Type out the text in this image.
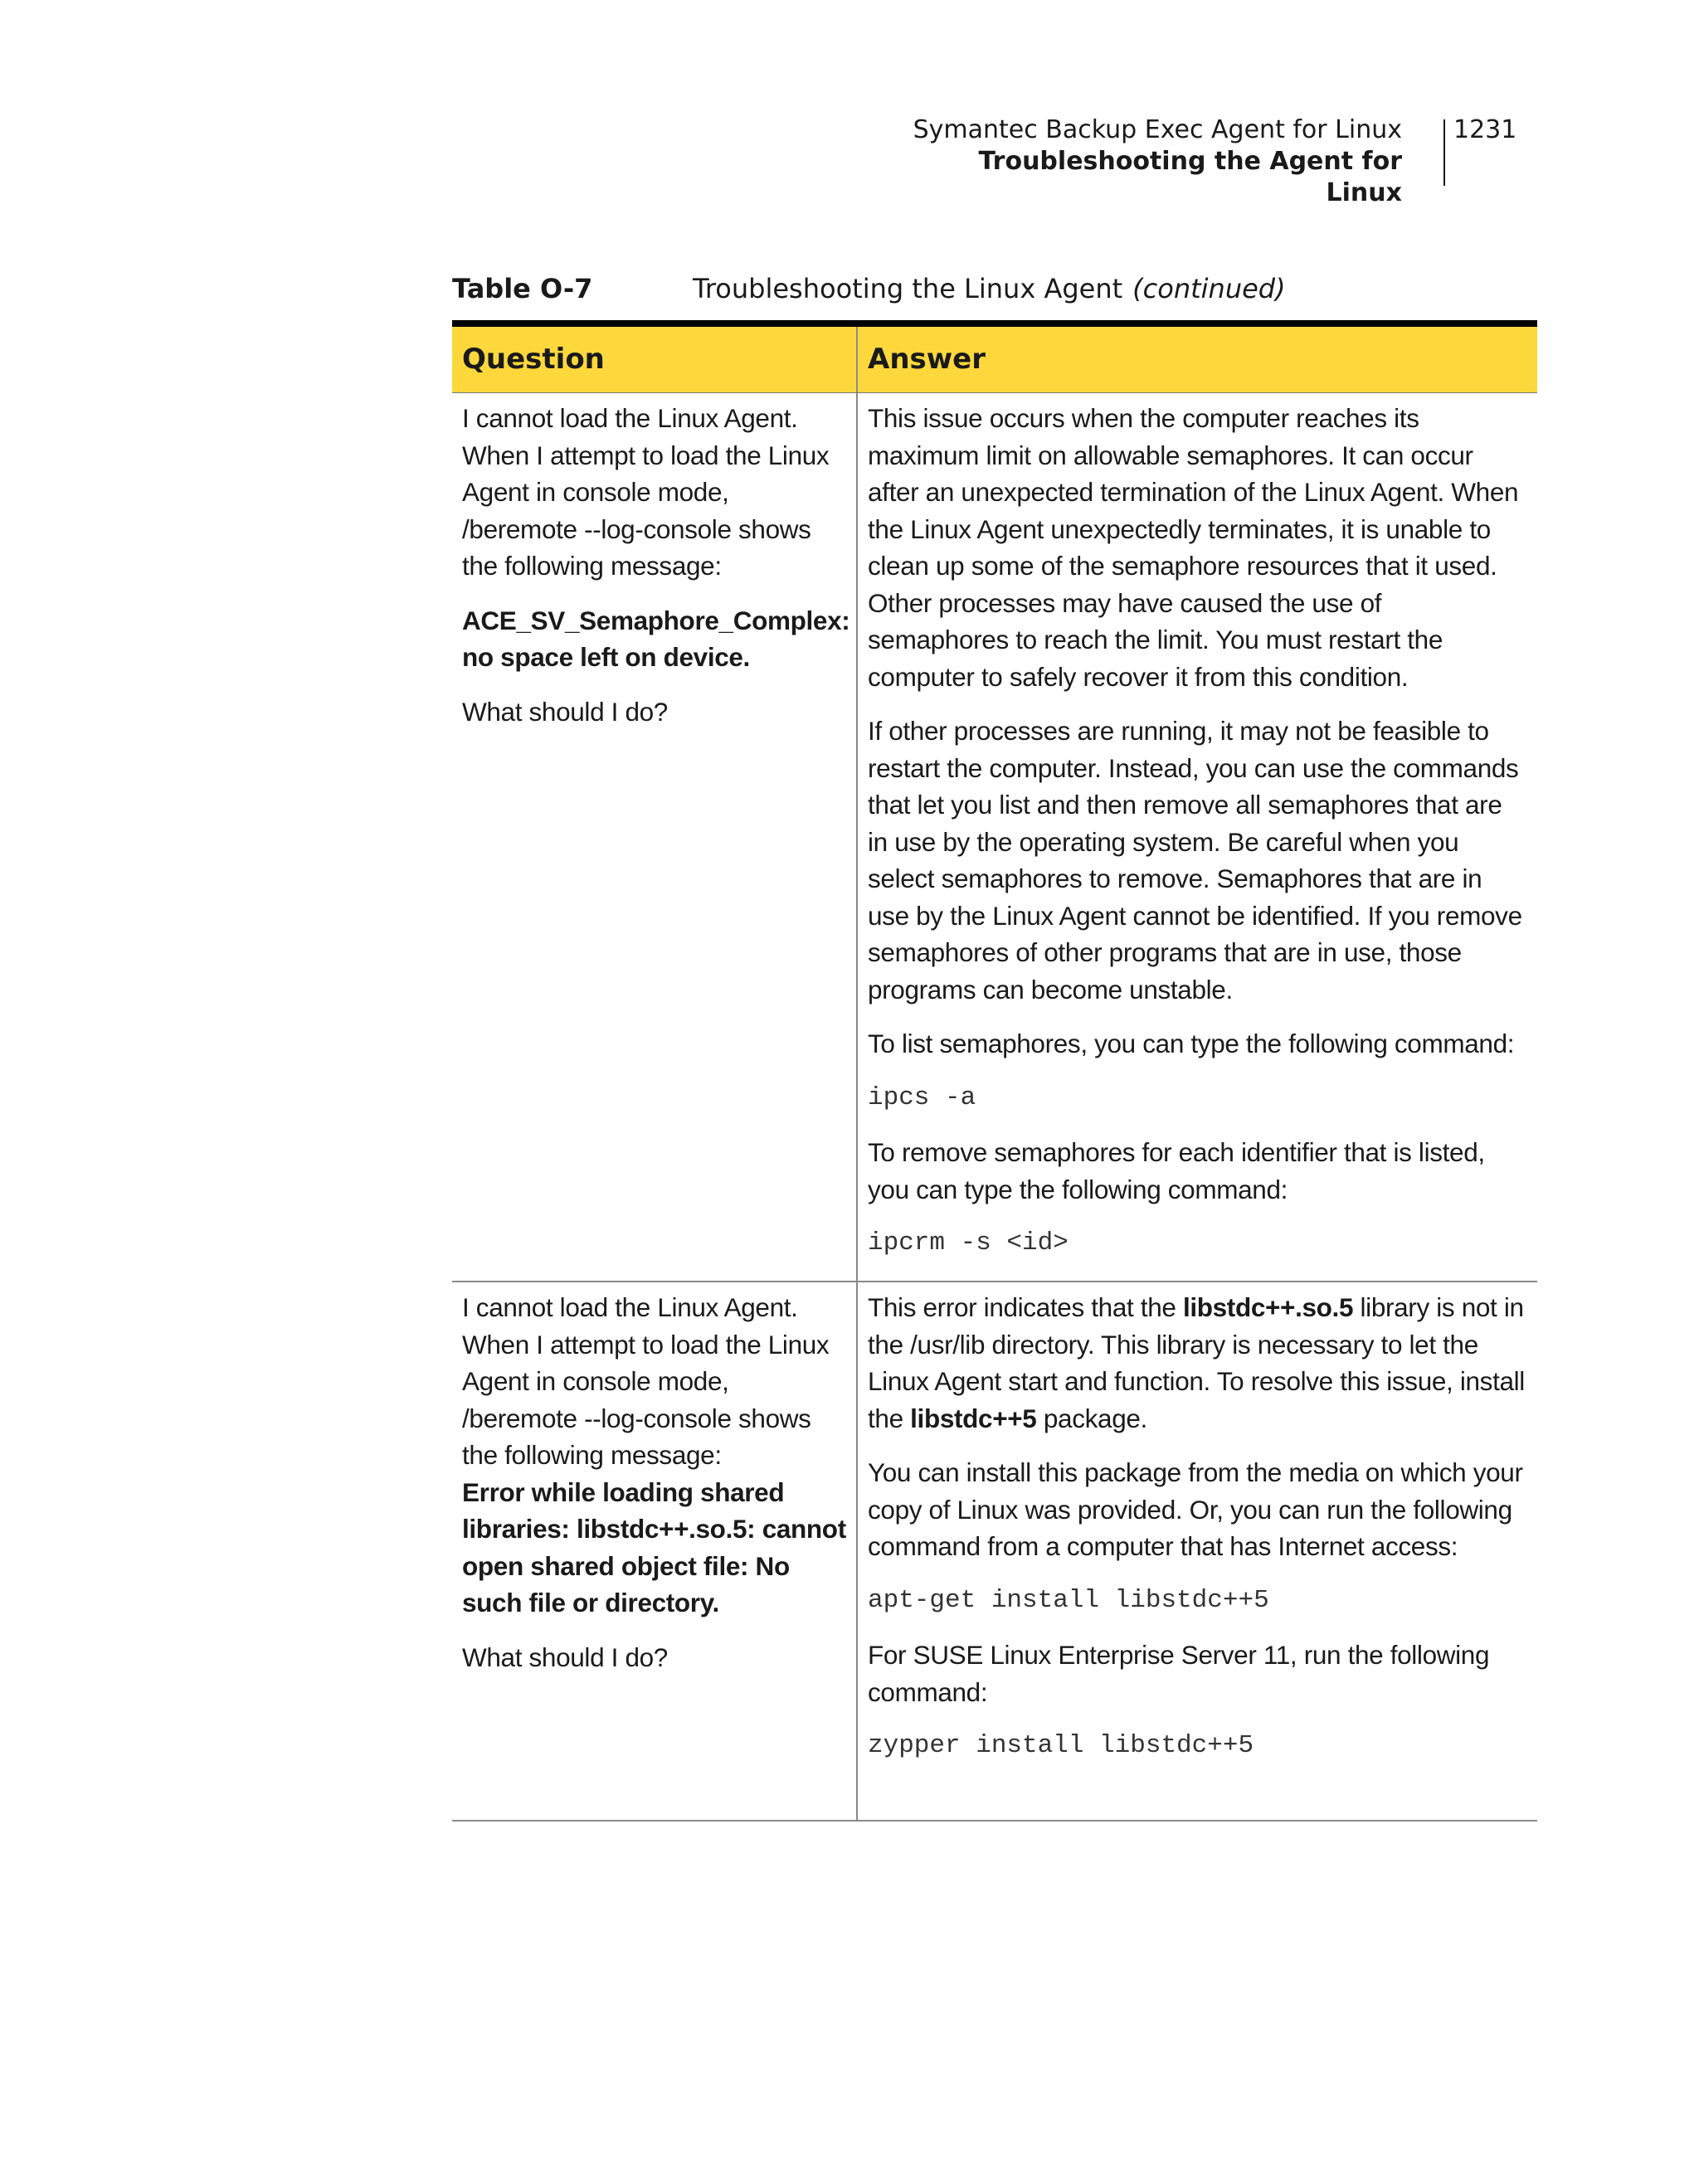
Symantec Backup Exec Agent for Linux
Troubleshooting the Agent for Linux
1231
Table O-7	Troubleshooting the Linux Agent (continued)
Question	Answer

I cannot load the Linux Agent. When I attempt to load the Linux Agent in console mode, /beremote --log-console shows the following message:

ACE_SV_Semaphore_Complex: no space left on device.

What should I do?

This issue occurs when the computer reaches its maximum limit on allowable semaphores. It can occur after an unexpected termination of the Linux Agent. When the Linux Agent unexpectedly terminates, it is unable to clean up some of the semaphore resources that it used. Other processes may have caused the use of semaphores to reach the limit. You must restart the computer to safely recover it from this condition.

If other processes are running, it may not be feasible to restart the computer. Instead, you can use the commands that let you list and then remove all semaphores that are in use by the operating system. Be careful when you select semaphores to remove. Semaphores that are in use by the Linux Agent cannot be identified. If you remove semaphores of other programs that are in use, those programs can become unstable.

To list semaphores, you can type the following command:

ipcs -a

To remove semaphores for each identifier that is listed, you can type the following command:

ipcrm -s <id>

I cannot load the Linux Agent. When I attempt to load the Linux Agent in console mode, /beremote --log-console shows the following message:

Error while loading shared libraries: libstdc++.so.5: cannot open shared object file: No such file or directory.

What should I do?

This error indicates that the libstdc++.so.5 library is not in the /usr/lib directory. This library is necessary to let the Linux Agent start and function. To resolve this issue, install the libstdc++5 package.

You can install this package from the media on which your copy of Linux was provided. Or, you can run the following command from a computer that has Internet access:

apt-get install libstdc++5

For SUSE Linux Enterprise Server 11, run the following command:

zypper install libstdc++5
